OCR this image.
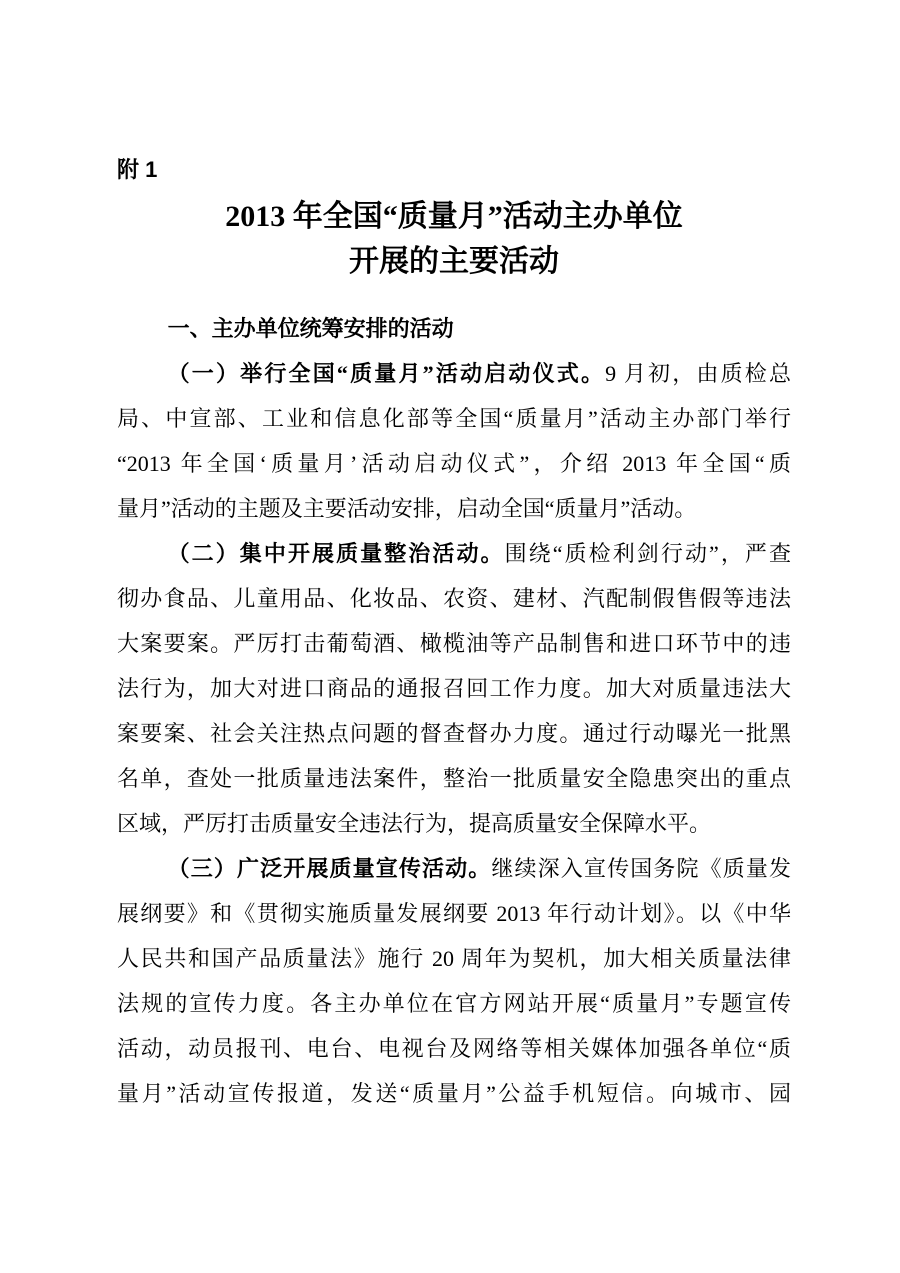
附 1
2013 年全国“质量月”活动主办单位
开展的主要活动
一、主办单位统筹安排的活动
（一）举行全国“质量月”活动启动仪式。9 月初，由质检总
局、中宣部、工业和信息化部等全国“质量月”活动主办部门举行
“2013 年全国‘质量月’活动启动仪式”，介绍 2013 年全国“质
量月”活动的主题及主要活动安排，启动全国“质量月”活动。
（二）集中开展质量整治活动。围绕“质检利剑行动”，严查
彻办食品、儿童用品、化妆品、农资、建材、汽配制假售假等违法
大案要案。严厉打击葡萄酒、橄榄油等产品制售和进口环节中的违
法行为，加大对进口商品的通报召回工作力度。加大对质量违法大
案要案、社会关注热点问题的督查督办力度。通过行动曝光一批黑
名单，查处一批质量违法案件，整治一批质量安全隐患突出的重点
区域，严厉打击质量安全违法行为，提高质量安全保障水平。
（三）广泛开展质量宣传活动。继续深入宣传国务院《质量发
展纲要》和《贯彻实施质量发展纲要 2013 年行动计划》。以《中华
人民共和国产品质量法》施行 20 周年为契机，加大相关质量法律
法规的宣传力度。各主办单位在官方网站开展“质量月”专题宣传
活动，动员报刊、电台、电视台及网络等相关媒体加强各单位“质
量月”活动宣传报道，发送“质量月”公益手机短信。向城市、园
